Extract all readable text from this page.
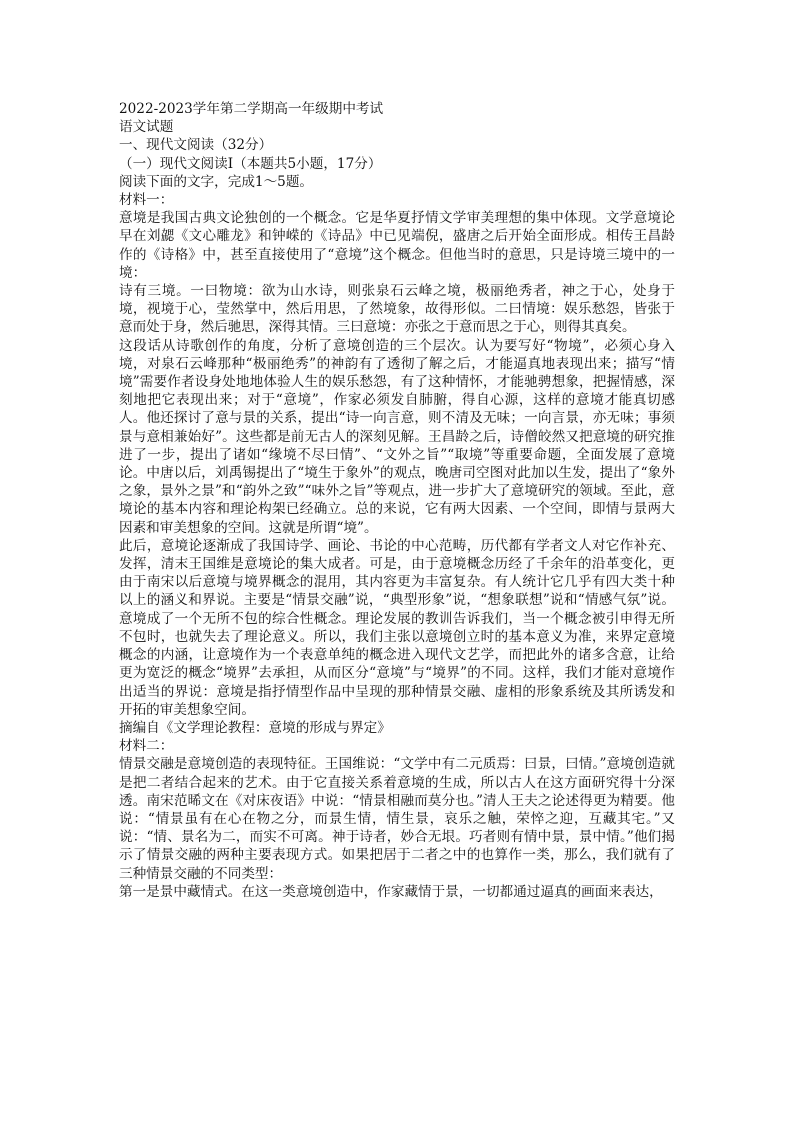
2022-2023学年第二学期高一年级期中考试

语文试题

一、现代文阅读（32分）

（一）现代文阅读Ⅰ（本题共5小题，17分）

阅读下面的文字，完成1～5题。

材料一：

意境是我国古典文论独创的一个概念。它是华夏抒情文学审美理想的集中体现。文学意境论早在刘勰《文心雕龙》和钟嵘的《诗品》中已见端倪，盛唐之后开始全面形成。相传王昌龄作的《诗格》中，甚至直接使用了“意境”这个概念。但他当时的意思，只是诗境三境中的一境：

诗有三境。一曰物境：欲为山水诗，则张泉石云峰之境，极丽绝秀者，神之于心，处身于境，视境于心，莹然掌中，然后用思，了然境象，故得形似。二曰情境：娱乐愁怨，皆张于意而处于身，然后驰思，深得其情。三曰意境：亦张之于意而思之于心，则得其真矣。

这段话从诗歌创作的角度，分析了意境创造的三个层次。认为要写好“物境”，必须心身入境，对泉石云峰那种“极丽绝秀”的神韵有了透彻了解之后，才能逼真地表现出来；描写“情境”需要作者设身处地地体验人生的娱乐愁怨，有了这种情怀，才能驰骋想象，把握情感，深刻地把它表现出来；对于“意境”，作家必须发自肺腑，得自心源，这样的意境才能真切感人。他还探讨了意与景的关系，提出“诗一向言意，则不清及无味；一向言景，亦无味；事须景与意相兼始好”。这些都是前无古人的深刻见解。王昌龄之后，诗僧皎然又把意境的研究推进了一步，提出了诸如“缘境不尽曰情”、“文外之旨”“取境”等重要命题，全面发展了意境论。中唐以后，刘禹锡提出了“境生于象外”的观点，晚唐司空图对此加以生发，提出了“象外之象，景外之景”和“韵外之致”“味外之旨”等观点，进一步扩大了意境研究的领域。至此，意境论的基本内容和理论构架已经确立。总的来说，它有两大因素、一个空间，即情与景两大因素和审美想象的空间。这就是所谓“境”。

此后，意境论逐渐成了我国诗学、画论、书论的中心范畴，历代都有学者文人对它作补充、发挥，清末王国维是意境论的集大成者。可是，由于意境概念历经了千余年的沿革变化，更由于南宋以后意境与境界概念的混用，其内容更为丰富复杂。有人统计它几乎有四大类十种以上的涵义和界说。主要是“情景交融”说，“典型形象”说，“想象联想”说和“情感气氛”说。意境成了一个无所不包的综合性概念。理论发展的教训告诉我们，当一个概念被引申得无所不包时，也就失去了理论意义。所以，我们主张以意境创立时的基本意义为准，来界定意境概念的内涵，让意境作为一个表意单纯的概念进入现代文艺学，而把此外的诸多含意，让给更为宽泛的概念“境界”去承担，从而区分“意境”与“境界”的不同。这样，我们才能对意境作出适当的界说：意境是指抒情型作品中呈现的那种情景交融、虚相的形象系统及其所诱发和开拓的审美想象空间。

摘编自《文学理论教程：意境的形成与界定》

材料二：

情景交融是意境创造的表现特征。王国维说：“文学中有二元质焉：曰景，曰情。”意境创造就是把二者结合起来的艺术。由于它直接关系着意境的生成，所以古人在这方面研究得十分深透。南宋范晞文在《对床夜语》中说：“情景相融而莫分也。”清人王夫之论述得更为精要。他说：“情景虽有在心在物之分，而景生情，情生景，哀乐之触，荣悴之迎，互藏其宅。”又说：“情、景名为二，而实不可离。神于诗者，妙合无垠。巧者则有情中景，景中情。”他们揭示了情景交融的两种主要表现方式。如果把居于二者之中的也算作一类，那么，我们就有了三种情景交融的不同类型：

第一是景中藏情式。在这一类意境创造中，作家藏情于景，一切都通过逼真的画面来表达，
